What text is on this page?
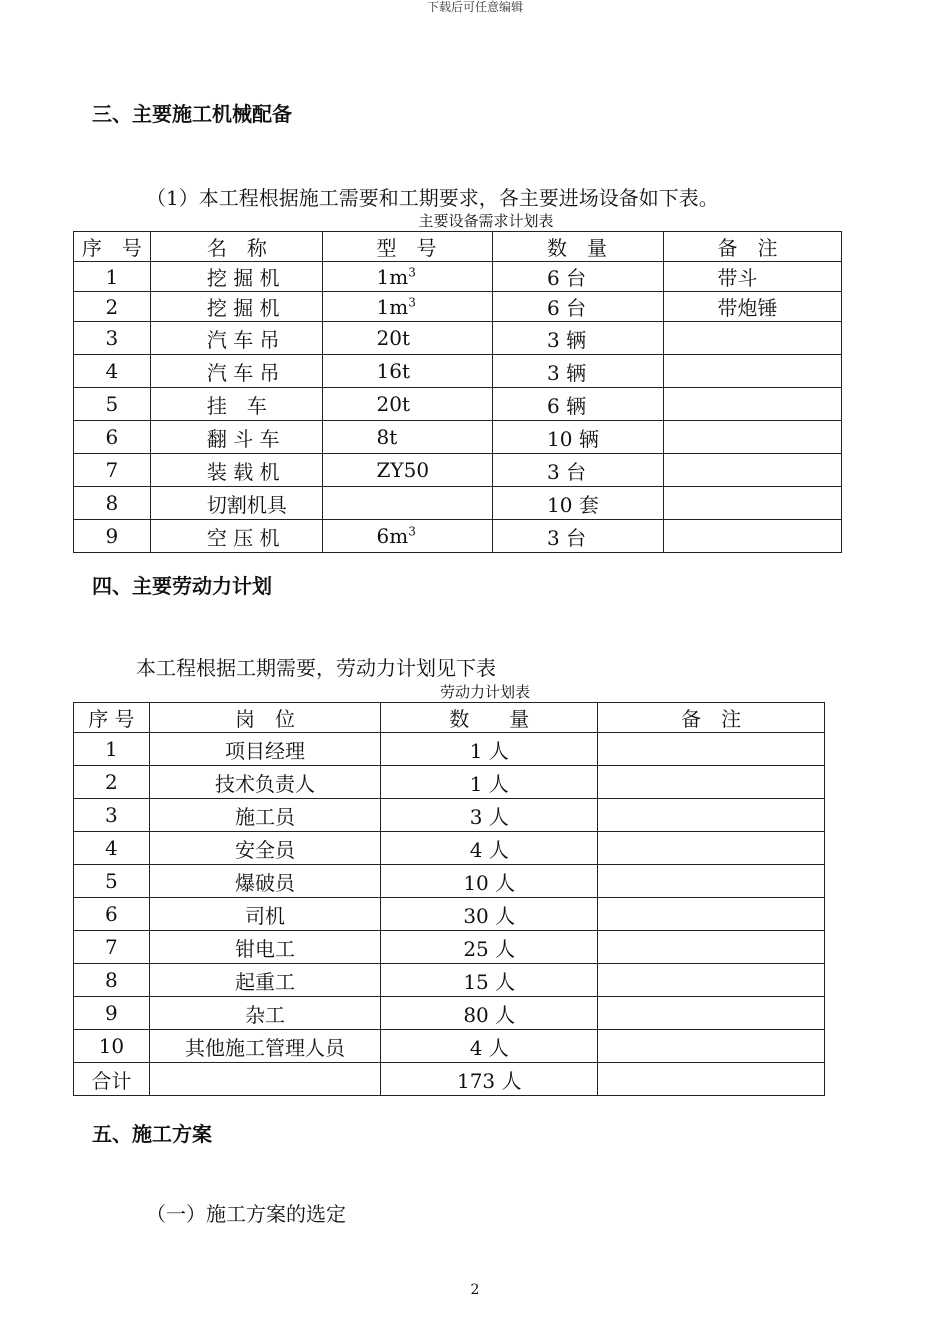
下载后可任意编辑
三、主要施工机械配备
（1）本工程根据施工需要和工期要求，各主要进场设备如下表。
主要设备需求计划表
序　号	名　称	型　号	数　量	备　注
1	挖 掘 机	$1m^3$	6 台	带斗
2	挖 掘 机	$1m^3$	6 台	带炮锤
3	汽 车 吊	20t	3 辆	
4	汽 车 吊	16t	3 辆	
5	挂　车	20t	6 辆	
6	翻 斗 车	8t	10 辆	
7	装 载 机	ZY50	3 台	
8	切割机具		10 套	
9	空 压 机	$6m^3$	3 台	
四、主要劳动力计划
本工程根据工期需要，劳动力计划见下表
劳动力计划表
序 号	岗　位	数　　量	备　注
1	项目经理	1 人	
2	技术负责人	1 人	
3	施工员	3 人	
4	安全员	4 人	
5	爆破员	10 人	
6	司机	30 人	
7	钳电工	25 人	
8	起重工	15 人	
9	杂工	80 人	
10	其他施工管理人员	4 人	
合计		173 人	
五、施工方案
（一）施工方案的选定
2
